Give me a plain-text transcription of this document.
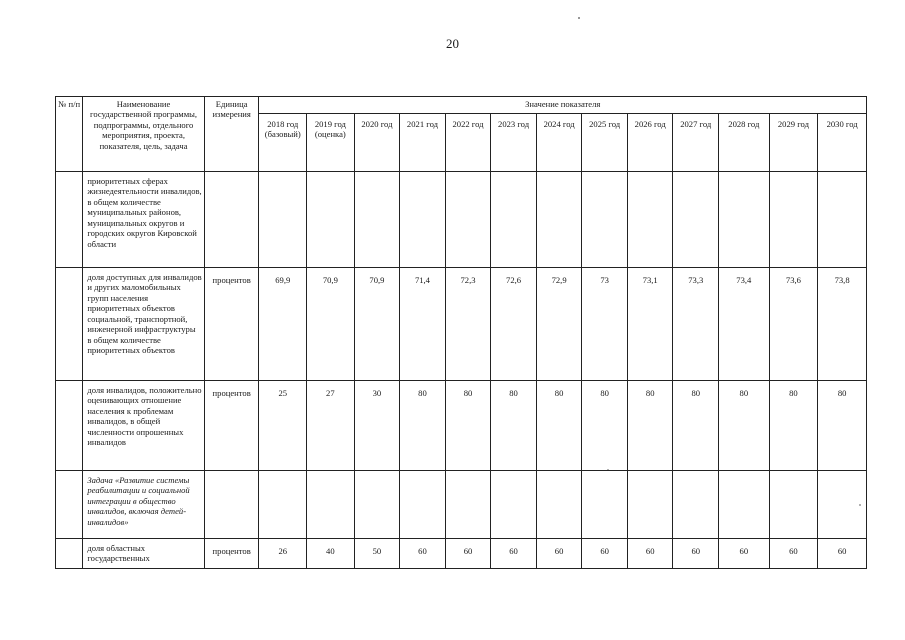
20
№ п/п	Наименование государственной программы, подпрограммы, отдельного мероприятия, проекта, показателя, цель, задача	Единица измерения	Значение показателя												
			2018 год (базовый)	2019 год (оценка)	2020 год	2021 год	2022 год	2023 год	2024 год	2025 год	2026 год	2027 год	2028 год	2029 год	2030 год
	приоритетных сферах жизнедеятельности инвалидов, в общем количестве муниципальных районов, муниципальных округов и городских округов Кировской области														
	доля доступных для инвалидов и других маломобильных групп населения приоритетных объектов социальной, транспортной, инженерной инфраструктуры в общем количестве приоритетных объектов	процентов	69,9	70,9	70,9	71,4	72,3	72,6	72,9	73	73,1	73,3	73,4	73,6	73,8
	доля инвалидов, положительно оценивающих отношение населения к проблемам инвалидов, в общей численности опрошенных инвалидов	процентов	25	27	30	80	80	80	80	80	80	80	80	80	80
	Задача «Развитие системы реабилитации и социальной интеграции в общество инвалидов, включая детей-инвалидов»														
	доля областных государственных	процентов	26	40	50	60	60	60	60	60	60	60	60	60	60
